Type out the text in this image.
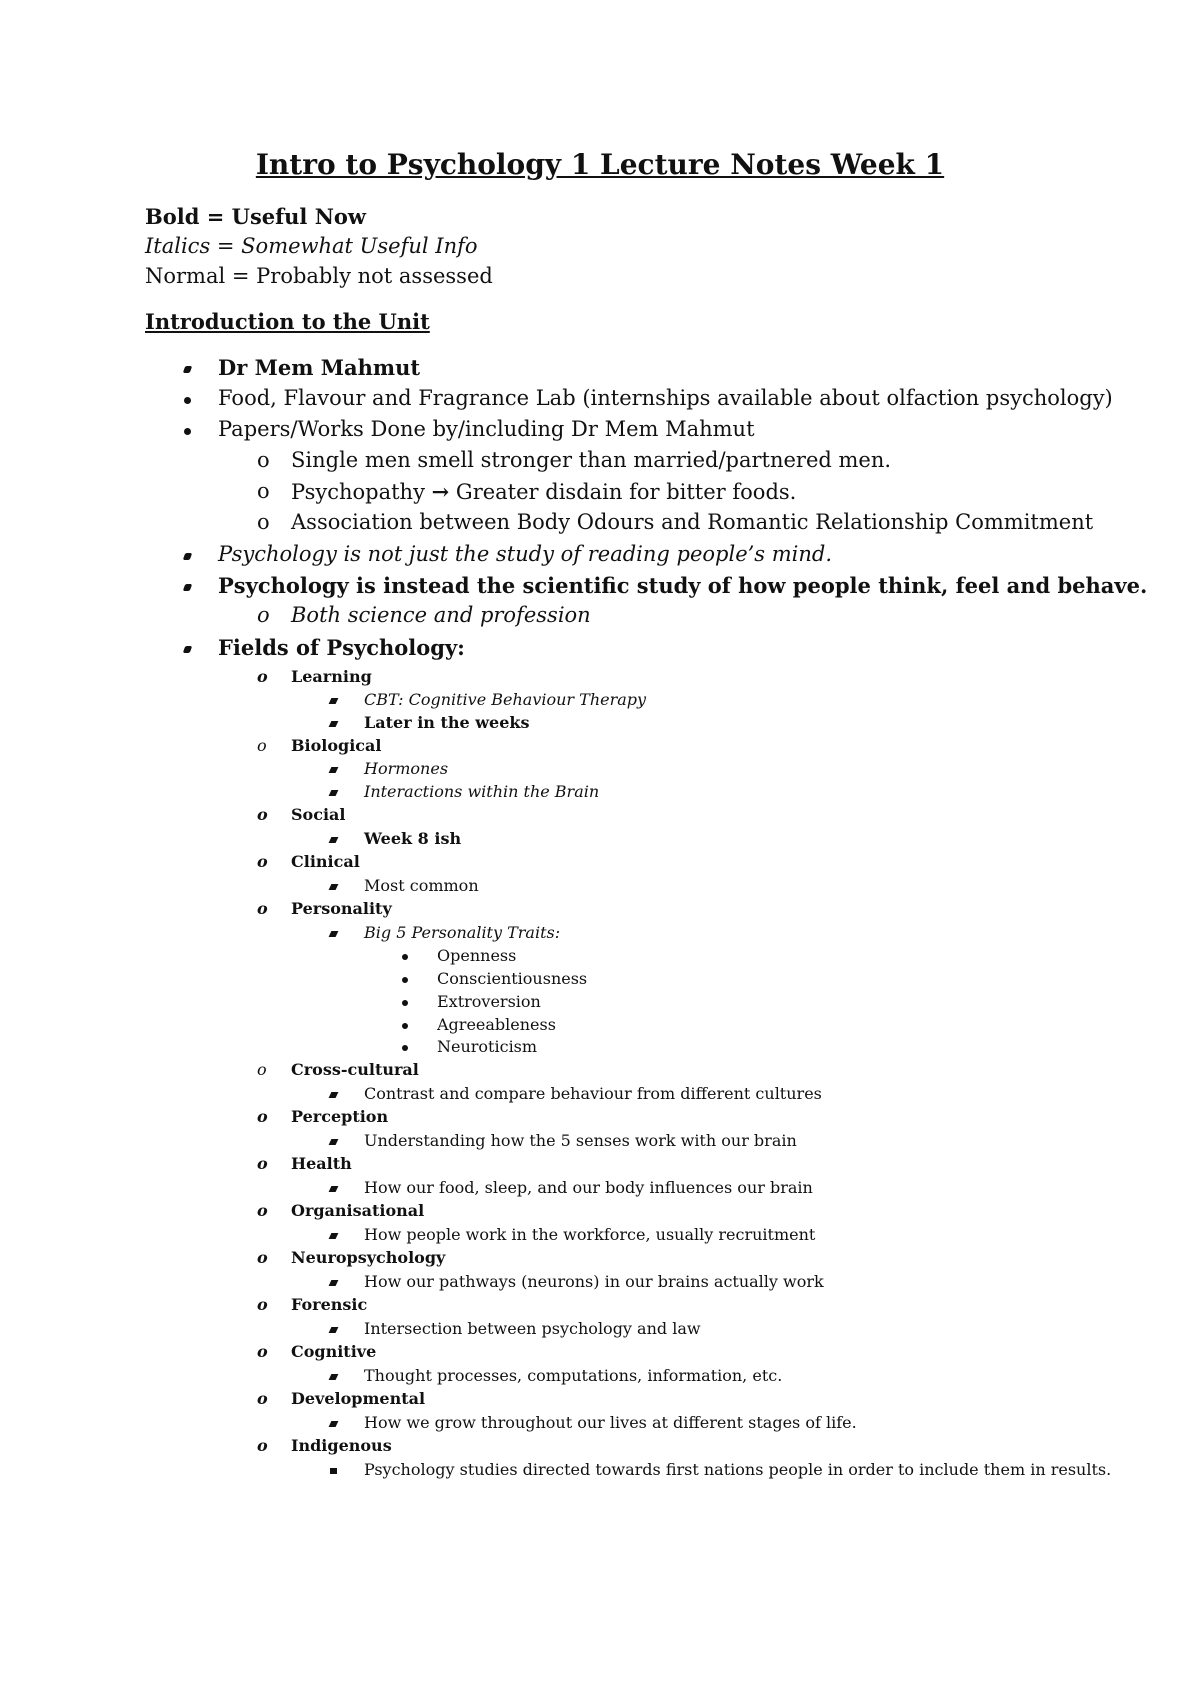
Intro to Psychology 1 Lecture Notes Week 1
Bold = Useful Now
Italics = Somewhat Useful Info
Normal = Probably not assessed
Introduction to the Unit
Dr Mem Mahmut
Food, Flavour and Fragrance Lab (internships available about olfaction psychology)
Papers/Works Done by/including Dr Mem Mahmut
o Single men smell stronger than married/partnered men.
o Psychopathy → Greater disdain for bitter foods.
o Association between Body Odours and Romantic Relationship Commitment
Psychology is not just the study of reading people’s mind.
Psychology is instead the scientific study of how people think, feel and behave.
o Both science and profession
Fields of Psychology:
o Learning
CBT: Cognitive Behaviour Therapy
Later in the weeks
o Biological
Hormones
Interactions within the Brain
o Social
Week 8 ish
o Clinical
Most common
o Personality
Big 5 Personality Traits:
Openness
Conscientiousness
Extroversion
Agreeableness
Neuroticism
o Cross-cultural
Contrast and compare behaviour from different cultures
o Perception
Understanding how the 5 senses work with our brain
o Health
How our food, sleep, and our body influences our brain
o Organisational
How people work in the workforce, usually recruitment
o Neuropsychology
How our pathways (neurons) in our brains actually work
o Forensic
Intersection between psychology and law
o Cognitive
Thought processes, computations, information, etc.
o Developmental
How we grow throughout our lives at different stages of life.
o Indigenous
Psychology studies directed towards first nations people in order to include them in results.
